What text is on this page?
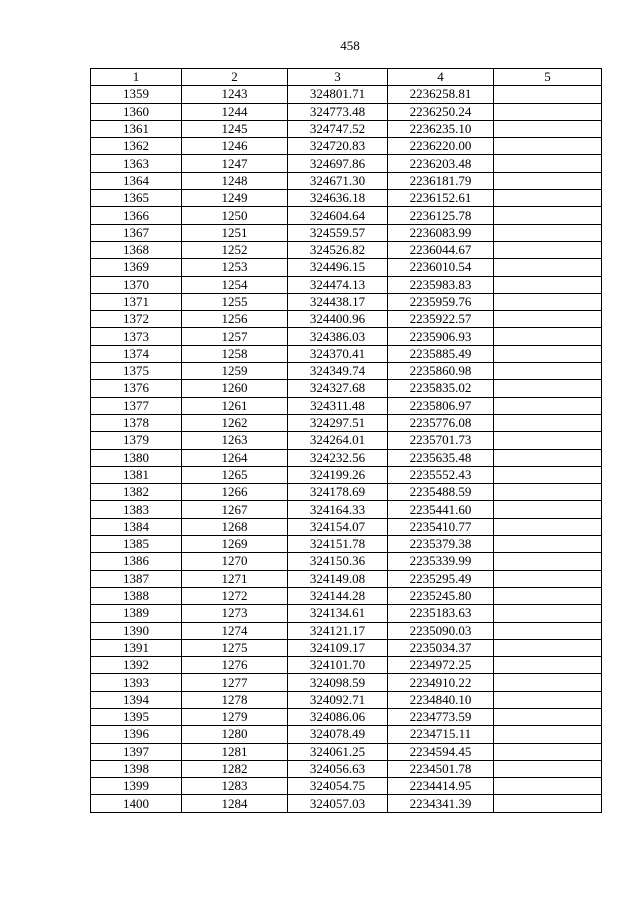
458
1	2	3	4	5
1359	1243	324801.71	2236258.81	
1360	1244	324773.48	2236250.24	
1361	1245	324747.52	2236235.10	
1362	1246	324720.83	2236220.00	
1363	1247	324697.86	2236203.48	
1364	1248	324671.30	2236181.79	
1365	1249	324636.18	2236152.61	
1366	1250	324604.64	2236125.78	
1367	1251	324559.57	2236083.99	
1368	1252	324526.82	2236044.67	
1369	1253	324496.15	2236010.54	
1370	1254	324474.13	2235983.83	
1371	1255	324438.17	2235959.76	
1372	1256	324400.96	2235922.57	
1373	1257	324386.03	2235906.93	
1374	1258	324370.41	2235885.49	
1375	1259	324349.74	2235860.98	
1376	1260	324327.68	2235835.02	
1377	1261	324311.48	2235806.97	
1378	1262	324297.51	2235776.08	
1379	1263	324264.01	2235701.73	
1380	1264	324232.56	2235635.48	
1381	1265	324199.26	2235552.43	
1382	1266	324178.69	2235488.59	
1383	1267	324164.33	2235441.60	
1384	1268	324154.07	2235410.77	
1385	1269	324151.78	2235379.38	
1386	1270	324150.36	2235339.99	
1387	1271	324149.08	2235295.49	
1388	1272	324144.28	2235245.80	
1389	1273	324134.61	2235183.63	
1390	1274	324121.17	2235090.03	
1391	1275	324109.17	2235034.37	
1392	1276	324101.70	2234972.25	
1393	1277	324098.59	2234910.22	
1394	1278	324092.71	2234840.10	
1395	1279	324086.06	2234773.59	
1396	1280	324078.49	2234715.11	
1397	1281	324061.25	2234594.45	
1398	1282	324056.63	2234501.78	
1399	1283	324054.75	2234414.95	
1400	1284	324057.03	2234341.39	
